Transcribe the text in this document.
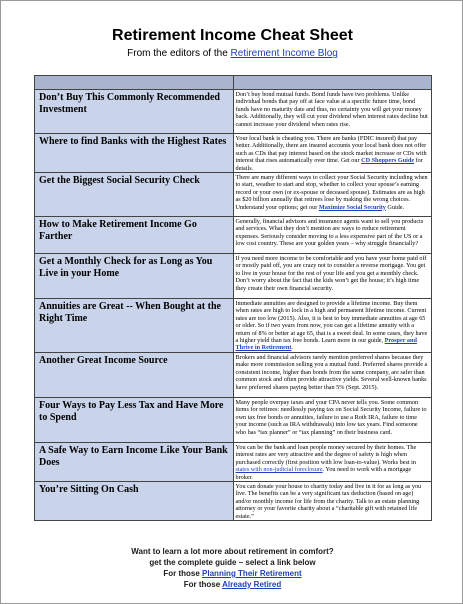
Retirement Income Cheat Sheet
From the editors of the Retirement Income Blog

Don’t Buy This Commonly Recommended Investment	Don’t buy bond mutual funds. Bond funds have two problems. Unlike individual bonds that pay off at face value at a specific future time, bond funds have no maturity date and thus, no certainty you will get your money back. Additionally, they will cut your dividend when interest rates decline but cannot increase your dividend when rates rise.
Where to find Banks with the Highest Rates	Your local bank is cheating you. There are banks (FDIC insured) that pay better. Additionally, there are insured accounts your local bank does not offer such as CDs that pay interest based on the stock market increase or CDs with interest that rises automatically over time. Get our CD Shoppers Guide for details.
Get the Biggest Social Security Check	There are many different ways to collect your Social Security including when to start, weather to start and stop, whether to collect your spouse’s earning record or your own (or ex-spouse or deceased spouse). Estimates are as high as $20 billion annually that retirees lose by making the wrong choices. Understand your options; get our Maximize Social Security Guide.
How to Make Retirement Income Go Farther	Generally, financial advisors and insurance agents want to sell you products and services. What they don’t mention are ways to reduce retirement expenses. Seriously consider moving to a less expensive part of the US or a low cost country. These are your golden years – why struggle financially?
Get a Monthly Check for as Long as You Live in your Home	If you need more income to be comfortable and you have your home paid off or mostly paid off, you are crazy not to consider a reverse mortgage. You get to live in your house for the rest of your life and you get a monthly check. Don’t worry about the fact that the kids won’t get the house; it’s high time they create their own financial security.
Annuities are Great -- When Bought at the Right Time	Immediate annuities are designed to provide a lifetime income. Buy them when rates are high to lock in a high and permanent lifetime income. Current rates are too low (2015). Also, it is best to buy immediate annuities at age 65 or older. So if two years from now, you can get a lifetime annuity with a return of 8% or better at age 65, that is a sweet deal. In some cases, they have a higher yield than tax free bonds. Learn more in our guide, Prosper and Thrive in Retirement.
Another Great Income Source	Brokers and financial advisors rarely mention preferred shares because they make more commission selling you a mutual fund. Preferred shares provide a consistent income, higher than bonds from the same company, are safer than common stock and often provide attractive yields. Several well-known banks have preferred shares paying better than 5% (Sept. 2015).
Four Ways to Pay Less Tax and Have More to Spend	Many people overpay taxes and your CPA never tells you. Some common items for retirees: needlessly paying tax on Social Security Income, failure to own tax free bonds or annuities, failure to use a Roth IRA, failure to time your income (such as IRA withdrawals) into low tax years. Find someone who has “tax planner” or “tax planning” on their business card.
A Safe Way to Earn Income Like Your Bank Does	You can be the bank and loan people money secured by their homes. The interest rates are very attractive and the degree of safety is high when purchased correctly (first position with low loan-to-value). Works best in states with non-judicial foreclosure. You need to work with a mortgage broker.
You’re Sitting On Cash	You can donate your house to charity today and live in it for as long as you live. The benefits can be a very significant tax deduction (based on age) and/or monthly income for life from the charity. Talk to an estate planning attorney or your favorite charity about a “charitable gift with retained life estate.”
Want to learn a lot more about retirement in comfort?
get the complete guide – select a link below
For those Planning Their Retirement
For those Already Retired
